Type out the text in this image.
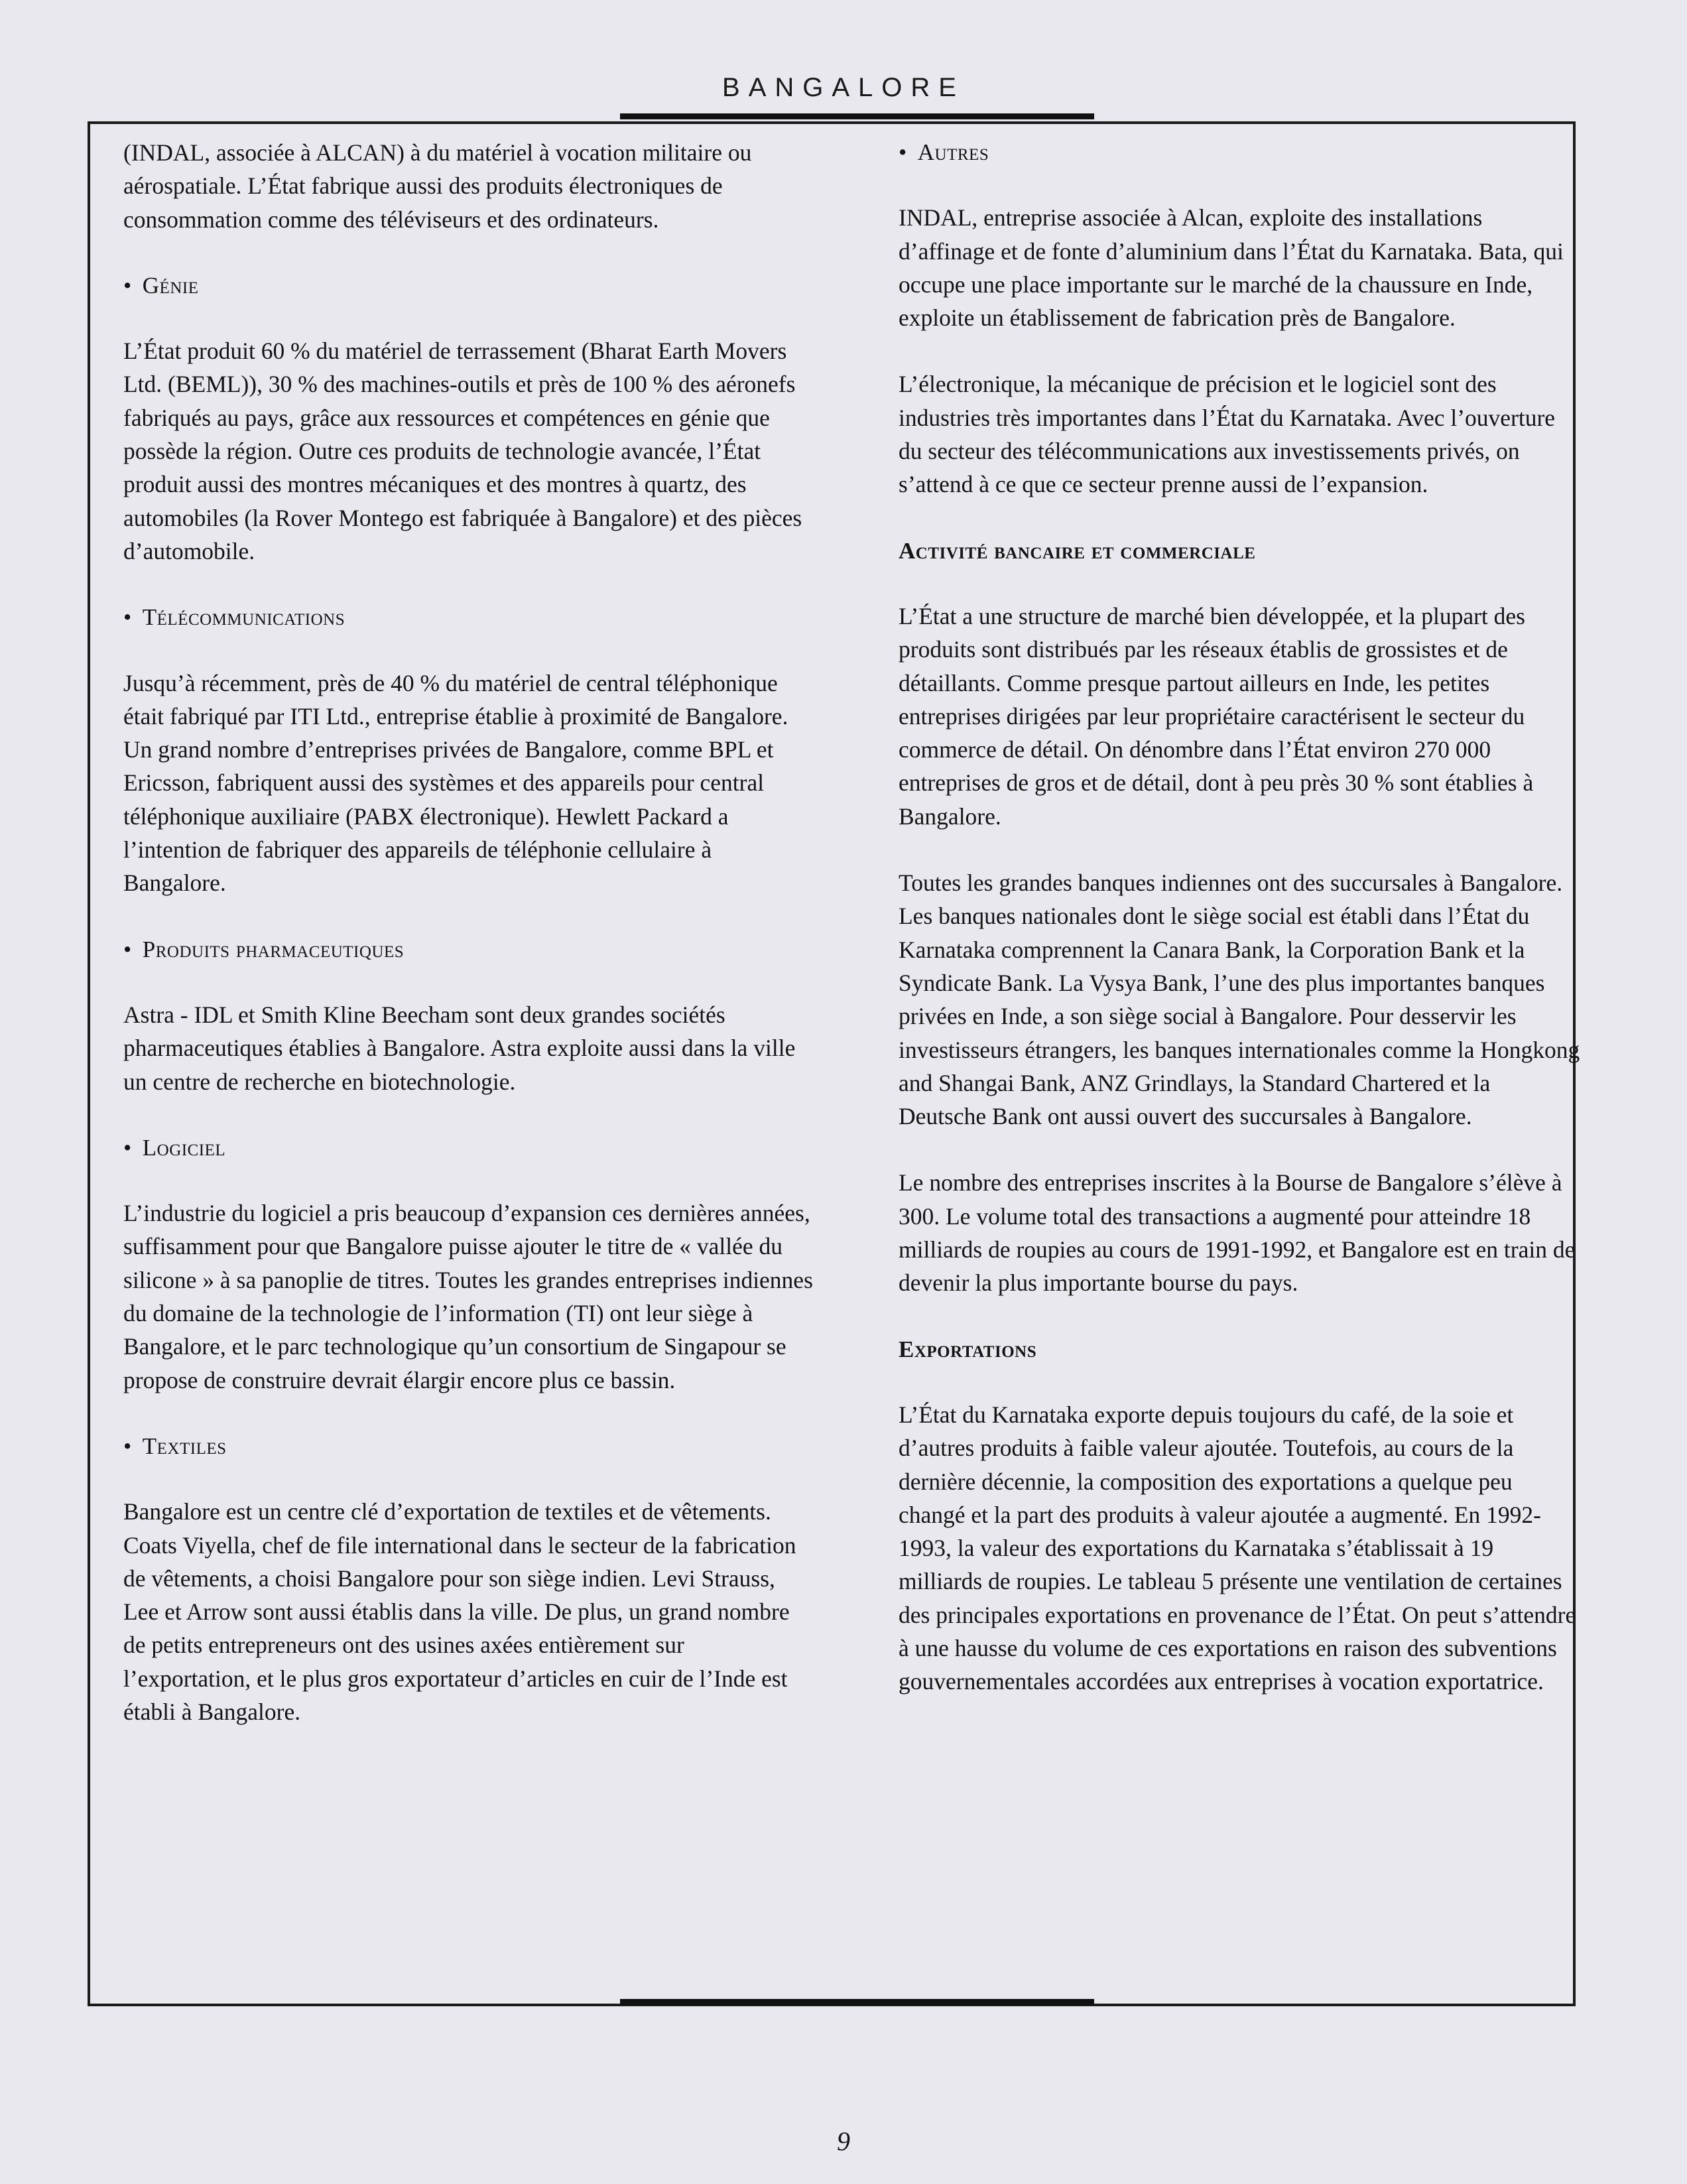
BANGALORE

(INDAL, associée à ALCAN) à du matériel à vocation militaire ou aérospatiale. L’État fabrique aussi des produits électroniques de consommation comme des téléviseurs et des ordinateurs.

• Génie

L’État produit 60 % du matériel de terrassement (Bharat Earth Movers Ltd. (BEML)), 30 % des machines-outils et près de 100 % des aéronefs fabriqués au pays, grâce aux ressources et compétences en génie que possède la région. Outre ces produits de technologie avancée, l’État produit aussi des montres mécaniques et des montres à quartz, des automobiles (la Rover Montego est fabriquée à Bangalore) et des pièces d’automobile.

• Télécommunications

Jusqu’à récemment, près de 40 % du matériel de central téléphonique était fabriqué par ITI Ltd., entreprise établie à proximité de Bangalore. Un grand nombre d’entreprises privées de Bangalore, comme BPL et Ericsson, fabriquent aussi des systèmes et des appareils pour central téléphonique auxiliaire (PABX électronique). Hewlett Packard a l’intention de fabriquer des appareils de téléphonie cellulaire à Bangalore.

• Produits pharmaceutiques

Astra - IDL et Smith Kline Beecham sont deux grandes sociétés pharmaceutiques établies à Bangalore. Astra exploite aussi dans la ville un centre de recherche en biotechnologie.

• Logiciel

L’industrie du logiciel a pris beaucoup d’expansion ces dernières années, suffisamment pour que Bangalore puisse ajouter le titre de « vallée du silicone » à sa panoplie de titres. Toutes les grandes entreprises indiennes du domaine de la technologie de l’information (TI) ont leur siège à Bangalore, et le parc technologique qu’un consortium de Singapour se propose de construire devrait élargir encore plus ce bassin.

• Textiles

Bangalore est un centre clé d’exportation de textiles et de vêtements. Coats Viyella, chef de file international dans le secteur de la fabrication de vêtements, a choisi Bangalore pour son siège indien. Levi Strauss, Lee et Arrow sont aussi établis dans la ville. De plus, un grand nombre de petits entrepreneurs ont des usines axées entièrement sur l’exportation, et le plus gros exportateur d’articles en cuir de l’Inde est établi à Bangalore.

• Autres

INDAL, entreprise associée à Alcan, exploite des installations d’affinage et de fonte d’aluminium dans l’État du Karnataka. Bata, qui occupe une place importante sur le marché de la chaussure en Inde, exploite un établissement de fabrication près de Bangalore.

L’électronique, la mécanique de précision et le logiciel sont des industries très importantes dans l’État du Karnataka. Avec l’ouverture du secteur des télécommunications aux investissements privés, on s’attend à ce que ce secteur prenne aussi de l’expansion.

Activité bancaire et commerciale

L’État a une structure de marché bien développée, et la plupart des produits sont distribués par les réseaux établis de grossistes et de détaillants. Comme presque partout ailleurs en Inde, les petites entreprises dirigées par leur propriétaire caractérisent le secteur du commerce de détail. On dénombre dans l’État environ 270 000 entreprises de gros et de détail, dont à peu près 30 % sont établies à Bangalore.

Toutes les grandes banques indiennes ont des succursales à Bangalore. Les banques nationales dont le siège social est établi dans l’État du Karnataka comprennent la Canara Bank, la Corporation Bank et la Syndicate Bank. La Vysya Bank, l’une des plus importantes banques privées en Inde, a son siège social à Bangalore. Pour desservir les investisseurs étrangers, les banques internationales comme la Hongkong and Shangai Bank, ANZ Grindlays, la Standard Chartered et la Deutsche Bank ont aussi ouvert des succursales à Bangalore.

Le nombre des entreprises inscrites à la Bourse de Bangalore s’élève à 300. Le volume total des transactions a augmenté pour atteindre 18 milliards de roupies au cours de 1991-1992, et Bangalore est en train de devenir la plus importante bourse du pays.

Exportations

L’État du Karnataka exporte depuis toujours du café, de la soie et d’autres produits à faible valeur ajoutée. Toutefois, au cours de la dernière décennie, la composition des exportations a quelque peu changé et la part des produits à valeur ajoutée a augmenté. En 1992-1993, la valeur des exportations du Karnataka s’établissait à 19 milliards de roupies. Le tableau 5 présente une ventilation de certaines des principales exportations en provenance de l’État. On peut s’attendre à une hausse du volume de ces exportations en raison des subventions gouvernementales accordées aux entreprises à vocation exportatrice.

9
